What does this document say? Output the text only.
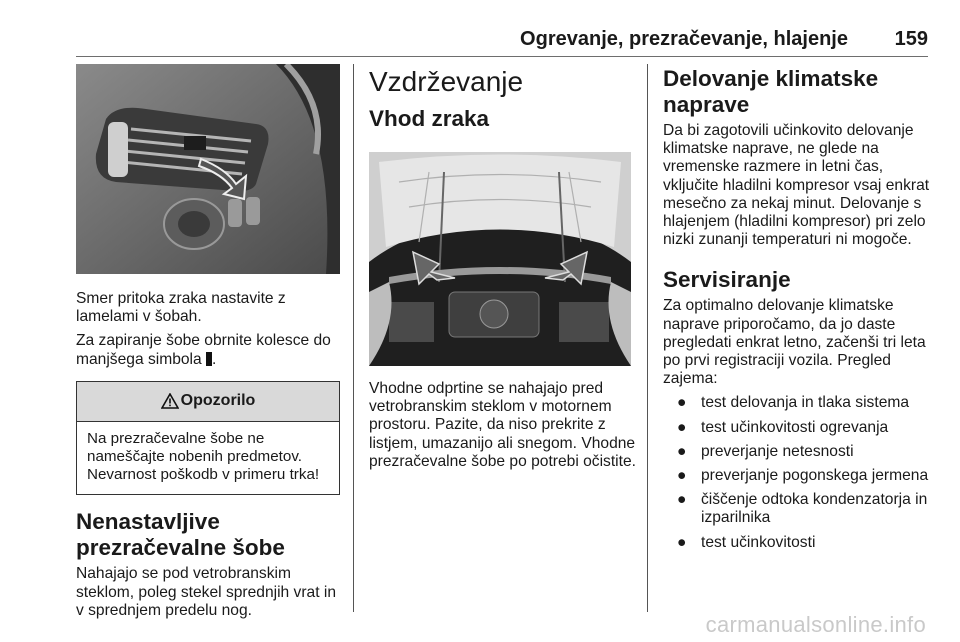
Ogrevanje, prezračevanje, hlajenje 159

Smer pritoka zraka nastavite z lamelami v šobah.

Za zapiranje šobe obrnite kolesce do manjšega simbola .

Opozorilo
Na prezračevalne šobe ne nameščajte nobenih predmetov. Nevarnost poškodb v primeru trka!
Nenastavljive prezračevalne šobe

Nahajajo se pod vetrobranskim steklom, poleg stekel sprednjih vrat in v sprednjem predelu nog.

Vzdrževanje
Vhod zraka

Vhodne odprtine se nahajajo pred vetrobranskim steklom v motornem prostoru. Pazite, da niso prekrite z listjem, umazanijo ali snegom. Vhodne prezračevalne šobe po potrebi očistite.

Delovanje klimatske naprave

Da bi zagotovili učinkovito delovanje klimatske naprave, ne glede na vremenske razmere in letni čas, vključite hladilni kompresor vsaj enkrat mesečno za nekaj minut. Delovanje s hlajenjem (hladilni kompresor) pri zelo nizki zunanji temperaturi ni mogoče.

Servisiranje

Za optimalno delovanje klimatske naprave priporočamo, da jo daste pregledati enkrat letno, začenši tri leta po prvi registraciji vozila. Pregled zajema:

● test delovanja in tlaka sistema
● test učinkovitosti ogrevanja
● preverjanje netesnosti
● preverjanje pogonskega jermena
● čiščenje odtoka kondenzatorja in izparilnika
● test učinkovitosti
carmanualsonline.info
